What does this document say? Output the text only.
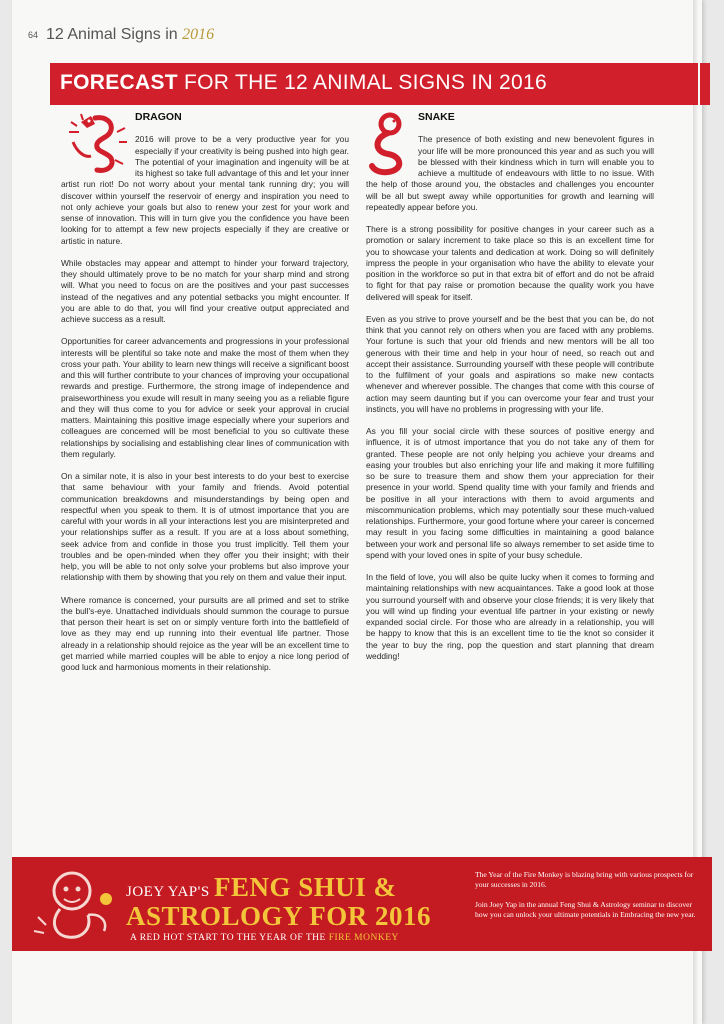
64 12 Animal Signs in 2016
FORECAST FOR THE 12 ANIMAL SIGNS IN 2016

DRAGON

2016 will prove to be a very productive year for you especially if your creativity is being pushed into high gear. The potential of your imagination and ingenuity will be at its highest so take full advantage of this and let your inner artist run riot! Do not worry about your mental tank running dry; you will discover within yourself the reservoir of energy and inspiration you need to not only achieve your goals but also to renew your zest for your work and sense of innovation. This will in turn give you the confidence you have been looking for to attempt a few new projects especially if they are creative or artistic in nature.

While obstacles may appear and attempt to hinder your forward trajectory, they should ultimately prove to be no match for your sharp mind and strong will. What you need to focus on are the positives and your past successes instead of the negatives and any potential setbacks you might encounter. If you are able to do that, you will find your creative output appreciated and achieve success as a result.

Opportunities for career advancements and progressions in your professional interests will be plentiful so take note and make the most of them when they cross your path. Your ability to learn new things will receive a significant boost and this will further contribute to your chances of improving your occupational rewards and prestige. Furthermore, the strong image of independence and praiseworthiness you exude will result in many seeing you as a reliable figure and they will thus come to you for advice or seek your approval in crucial matters. Maintaining this positive image especially where your superiors and colleagues are concerned will be most beneficial to you so cultivate these relationships by socialising and establishing clear lines of communication with them regularly.

On a similar note, it is also in your best interests to do your best to exercise that same behaviour with your family and friends. Avoid potential communication breakdowns and misunderstandings by being open and respectful when you speak to them. It is of utmost importance that you are careful with your words in all your interactions lest you are misinterpreted and your relationships suffer as a result. If you are at a loss about something, seek advice from and confide in those you trust implicitly. Tell them your troubles and be open-minded when they offer you their insight; with their help, you will be able to not only solve your problems but also improve your relationship with them by showing that you rely on them and value their input.

Where romance is concerned, your pursuits are all primed and set to strike the bull's-eye. Unattached individuals should summon the courage to pursue that person their heart is set on or simply venture forth into the battlefield of love as they may end up running into their eventual life partner. Those already in a relationship should rejoice as the year will be an excellent time to get married while married couples will be able to enjoy a nice long period of good luck and harmonious moments in their relationship.

SNAKE

The presence of both existing and new benevolent figures in your life will be more pronounced this year and as such you will be blessed with their kindness which in turn will enable you to achieve a multitude of endeavours with little to no issue. With the help of those around you, the obstacles and challenges you encounter will be all but swept away while opportunities for growth and learning will repeatedly appear before you.

There is a strong possibility for positive changes in your career such as a promotion or salary increment to take place so this is an excellent time for you to showcase your talents and dedication at work. Doing so will definitely impress the people in your organisation who have the ability to elevate your position in the workforce so put in that extra bit of effort and do not be afraid to fight for that pay raise or promotion because the quality work you have delivered will speak for itself.

Even as you strive to prove yourself and be the best that you can be, do not think that you cannot rely on others when you are faced with any problems. Your fortune is such that your old friends and new mentors will be all too generous with their time and help in your hour of need, so reach out and accept their assistance. Surrounding yourself with these people will contribute to the fulfilment of your goals and aspirations so make new contacts whenever and wherever possible. The changes that come with this course of action may seem daunting but if you can overcome your fear and trust your instincts, you will have no problems in progressing with your life.

As you fill your social circle with these sources of positive energy and influence, it is of utmost importance that you do not take any of them for granted. These people are not only helping you achieve your dreams and easing your troubles but also enriching your life and making it more fulfilling so be sure to treasure them and show them your appreciation for their presence in your world. Spend quality time with your family and friends and be positive in all your interactions with them to avoid arguments and miscommunication problems, which may potentially sour these much-valued relationships. Furthermore, your good fortune where your career is concerned may result in you facing some difficulties in maintaining a good balance between your work and personal life so always remember to set aside time to spend with your loved ones in spite of your busy schedule.

In the field of love, you will also be quite lucky when it comes to forming and maintaining relationships with new acquaintances. Take a good look at those you surround yourself with and observe your close friends; it is very likely that you will wind up finding your eventual life partner in your existing or newly expanded social circle. For those who are already in a relationship, you will be happy to know that this is an excellent time to tie the knot so consider it the year to buy the ring, pop the question and start planning that dream wedding!

JOEY YAP'S FENG SHUI &
ASTROLOGY FOR 2016
A RED HOT START TO THE YEAR OF THE FIRE MONKEY

The Year of the Fire Monkey is blazing bring with various prospects for your successes in 2016.

Join Joey Yap in the annual Feng Shui & Astrology seminar to discover how you can unlock your ultimate potentials in Embracing the new year.
